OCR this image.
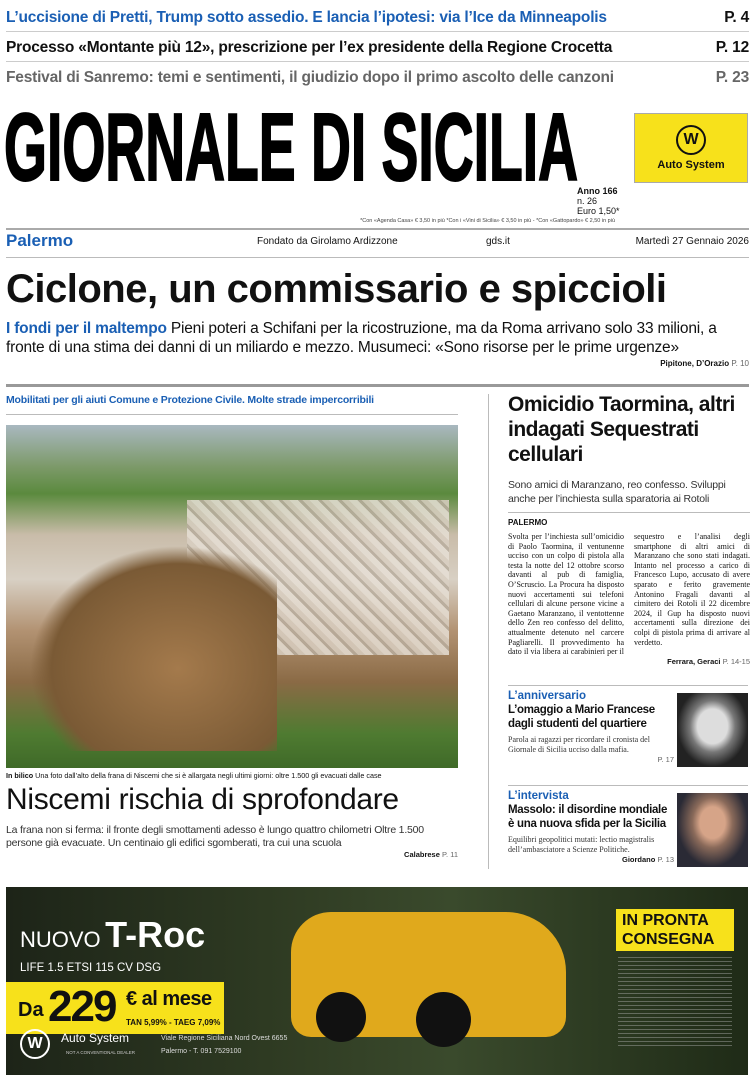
L’uccisione di Pretti, Trump sotto assedio. E lancia l’ipotesi: via l’Ice da Minneapolis	P. 4
Processo «Montante più 12», prescrizione per l’ex presidente della Regione Crocetta	P. 12
Festival di Sanremo: temi e sentimenti, il giudizio dopo il primo ascolto delle canzoni	P. 23
GIORNALE DI SICILIA	W
Auto System
Anno 166
n. 26
Euro 1,50*
*Con «Agenda Casa» € 3,50 in più *Con i «Vini di Sicilia» € 3,50 in più - *Con «Gattopardo» € 2,50 in più
Palermo	Fondato da Girolamo Ardizzone	gds.it	Martedì 27 Gennaio 2026
Ciclone, un commissario e spiccioli
I fondi per il maltempo Pieni poteri a Schifani per la ricostruzione, ma da Roma arrivano solo 33 milioni, a fronte di una stima dei danni di un miliardo e mezzo. Musumeci: «Sono risorse per le prime urgenze»
Pipitone, D’Orazio P. 10
Mobilitati per gli aiuti Comune e Protezione Civile. Molte strade impercorribili
In bilico Una foto dall’alto della frana di Niscemi che si è allargata negli ultimi giorni: oltre 1.500 gli evacuati dalle case
Niscemi rischia di sprofondare
La frana non si ferma: il fronte degli smottamenti adesso è lungo quattro chilometri Oltre 1.500 persone già evacuate. Un centinaio gli edifici sgomberati, tra cui una scuola
Calabrese P. 11
Omicidio Taormina, altri indagati Sequestrati cellulari
Sono amici di Maranzano, reo confesso. Sviluppi anche per l’inchiesta sulla sparatoria ai Rotoli
PALERMO
Svolta per l’inchiesta sull’omicidio di Paolo Taormina, il ventunenne ucciso con un colpo di pistola alla testa la notte del 12 ottobre scorso davanti al pub di famiglia, O’Scruscio. La Procura ha disposto nuovi accertamenti sui telefoni cellulari di alcune persone vicine a Gaetano Maranzano, il ventottenne dello Zen reo confesso del delitto, attualmente detenuto nel carcere Pagliarelli. Il provvedimento ha dato il via libera ai carabinieri per il sequestro e l’analisi degli smartphone di altri amici di Maranzano che sono stati indagati. Intanto nel processo a carico di Francesco Lupo, accusato di avere sparato e ferito gravemente Antonino Fragali davanti al cimitero dei Rotoli il 22 dicembre 2024, il Gup ha disposto nuovi accertamenti sulla direzione dei colpi di pistola prima di arrivare al verdetto.
Ferrara, Geraci P. 14-15
L’anniversario
L’omaggio a Mario Francese dagli studenti del quartiere
Parola ai ragazzi per ricordare il cronista del Giornale di Sicilia ucciso dalla mafia.
P. 17
L’intervista
Massolo: il disordine mondiale è una nuova sfida per la Sicilia
Equilibri geopolitici mutati: lectio magistralis dell’ambasciatore a Scienze Politiche.
Giordano P. 13
NUOVO T-Roc
LIFE 1.5 ETSI 115 CV DSG
Da 229 € al mese
TAN 5,99% - TAEG 7,09%
IN PRONTA CONSEGNA
W	Auto System
NOT A CONVENTIONAL DEALER
Viale Regione Siciliana Nord Ovest 6655
Palermo - T. 091 7529100
